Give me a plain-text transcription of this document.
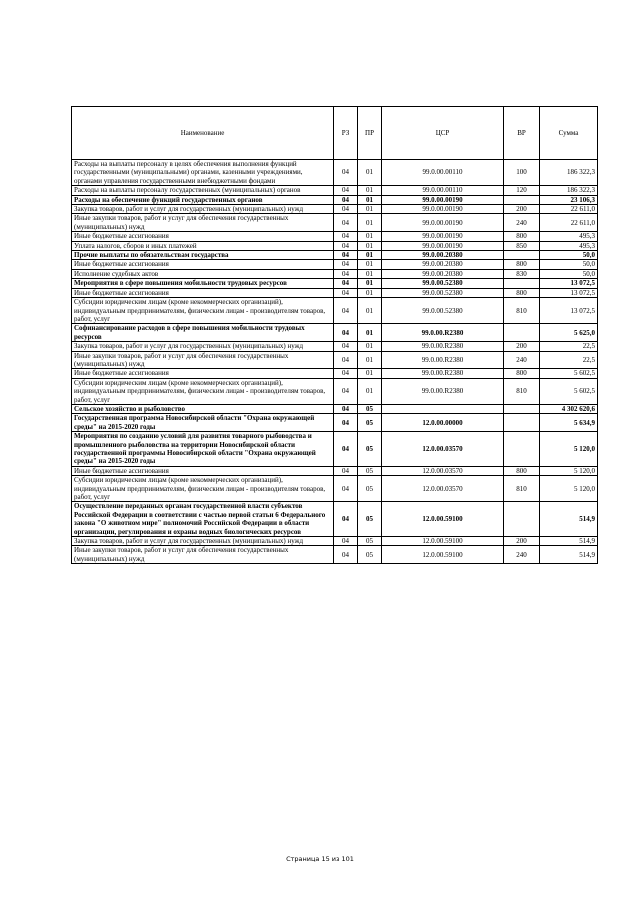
Наименование	РЗ	ПР	ЦСР	ВР	Сумма
Расходы на выплаты персоналу в целях обеспечения выполнения функций государственными (муниципальными) органами, казенными учреждениями, органами управления государственными внебюджетными фондами	04	01	99.0.00.00110	100	186 322,3
Расходы на выплаты персоналу государственных (муниципальных) органов	04	01	99.0.00.00110	120	186 322,3
Расходы на обеспечение функций государственных органов	04	01	99.0.00.00190		23 106,3
Закупка товаров, работ и услуг для государственных (муниципальных) нужд	04	01	99.0.00.00190	200	22 611,0
Иные закупки товаров, работ и услуг для обеспечения государственных (муниципальных) нужд	04	01	99.0.00.00190	240	22 611,0
Иные бюджетные ассигнования	04	01	99.0.00.00190	800	495,3
Уплата налогов, сборов и иных платежей	04	01	99.0.00.00190	850	495,3
Прочие выплаты по обязательствам государства	04	01	99.0.00.20380		50,0
Иные бюджетные ассигнования	04	01	99.0.00.20380	800	50,0
Исполнение судебных актов	04	01	99.0.00.20380	830	50,0
Мероприятия в сфере повышения мобильности трудовых ресурсов	04	01	99.0.00.52380		13 072,5
Иные бюджетные ассигнования	04	01	99.0.00.52380	800	13 072,5
Субсидии юридическим лицам (кроме некоммерческих организаций), индивидуальным предпринимателям, физическим лицам - производителям товаров, работ, услуг	04	01	99.0.00.52380	810	13 072,5
Софинансирование расходов в сфере повышения мобильности трудовых ресурсов	04	01	99.0.00.R2380		5 625,0
Закупка товаров, работ и услуг для государственных (муниципальных) нужд	04	01	99.0.00.R2380	200	22,5
Иные закупки товаров, работ и услуг для обеспечения государственных (муниципальных) нужд	04	01	99.0.00.R2380	240	22,5
Иные бюджетные ассигнования	04	01	99.0.00.R2380	800	5 602,5
Субсидии юридическим лицам (кроме некоммерческих организаций), индивидуальным предпринимателям, физическим лицам - производителям товаров, работ, услуг	04	01	99.0.00.R2380	810	5 602,5
Сельское хозяйство и рыболовство	04	05			4 302 620,6
Государственная программа Новосибирской области "Охрана окружающей среды" на 2015-2020 годы	04	05	12.0.00.00000		5 634,9
Мероприятия по созданию условий для развития товарного рыбоводства и промышленного рыболовства на территории Новосибирской области государственной программы Новосибирской области "Охрана окружающей среды" на 2015-2020 годы	04	05	12.0.00.03570		5 120,0
Иные бюджетные ассигнования	04	05	12.0.00.03570	800	5 120,0
Субсидии юридическим лицам (кроме некоммерческих организаций), индивидуальным предпринимателям, физическим лицам - производителям товаров, работ, услуг	04	05	12.0.00.03570	810	5 120,0
Осуществление переданных органам государственной власти субъектов Российской Федерации в соответствии с частью первой статьи 6 Федерального закона "О животном мире" полномочий Российской Федерации в области организации, регулирования и охраны водных биологических ресурсов	04	05	12.0.00.59100		514,9
Закупка товаров, работ и услуг для государственных (муниципальных) нужд	04	05	12.0.00.59100	200	514,9
Иные закупки товаров, работ и услуг для обеспечения государственных (муниципальных) нужд	04	05	12.0.00.59100	240	514,9
Страница 15 из 101
